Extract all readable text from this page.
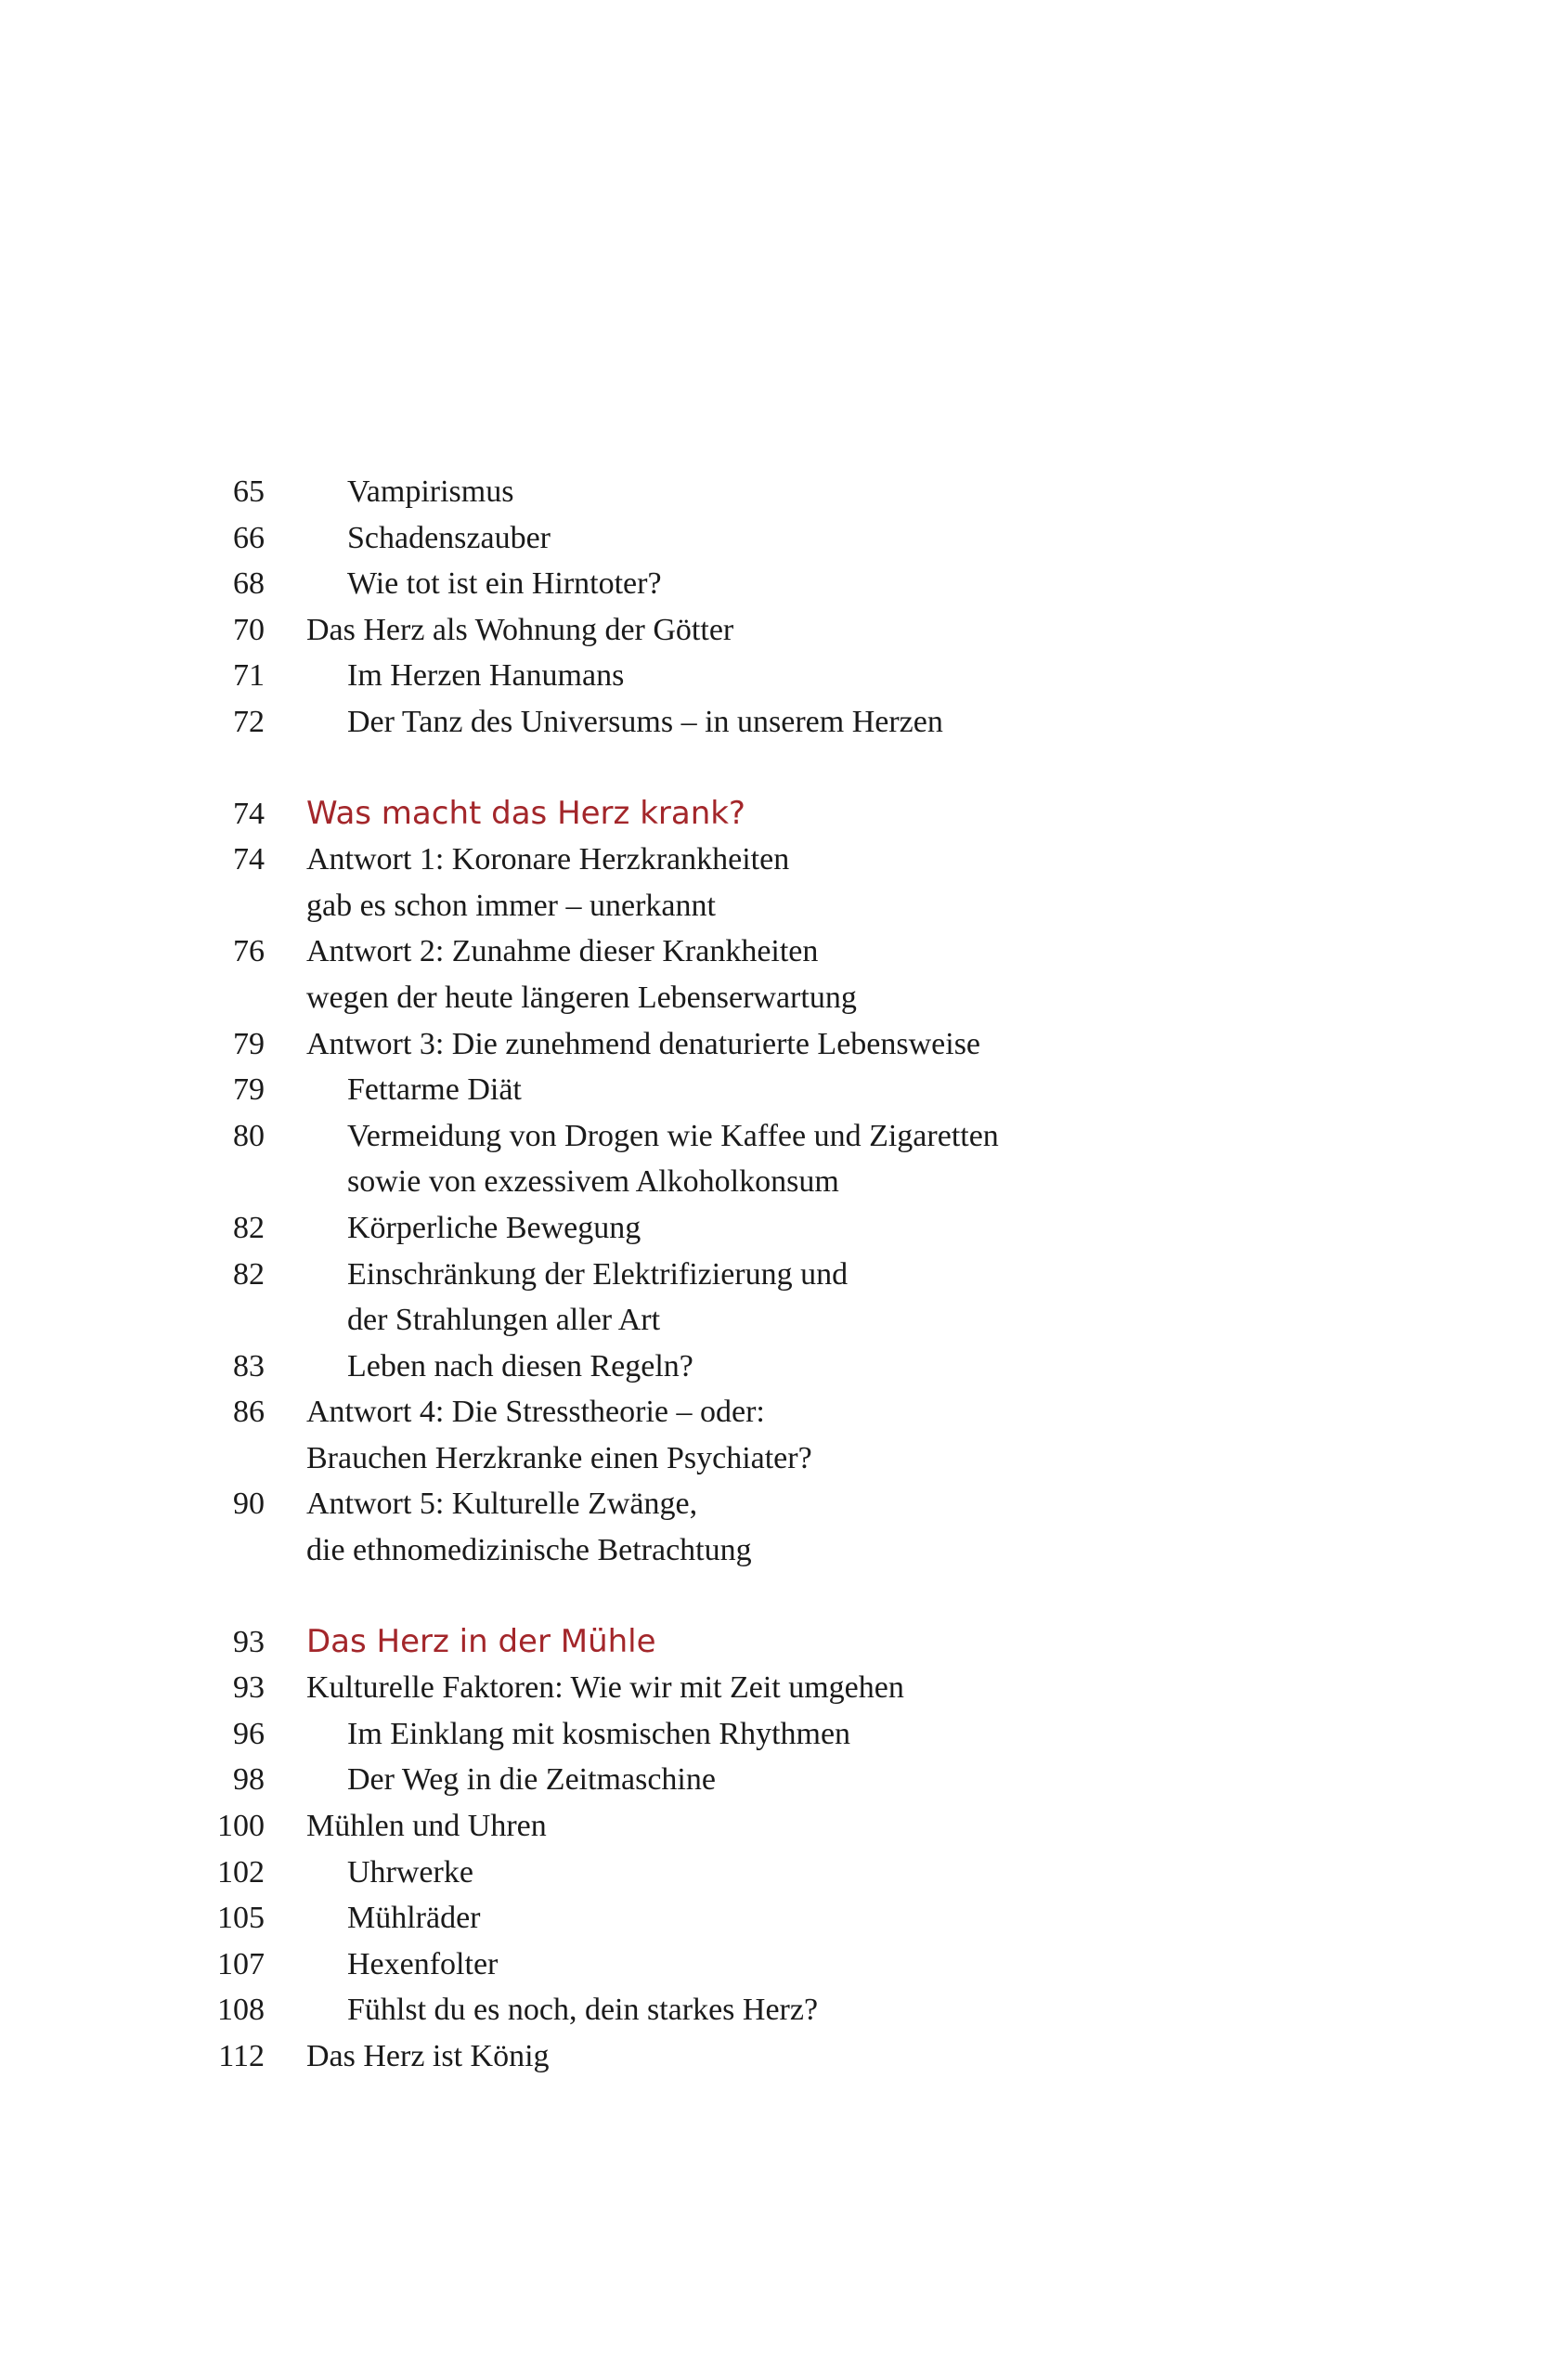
65	Vampirismus
66	Schadenszauber
68	Wie tot ist ein Hirntoter?
70 Das Herz als Wohnung der Götter
71	Im Herzen Hanumans
72	Der Tanz des Universums – in unserem Herzen
74 Was macht das Herz krank?
74 Antwort 1: Koronare Herzkrankheiten
gab es schon immer – unerkannt
76 Antwort 2: Zunahme dieser Krankheiten
wegen der heute längeren Lebenserwartung
79 Antwort 3: Die zunehmend denaturierte Lebensweise
79	Fettarme Diät
80	Vermeidung von Drogen wie Kaffee und Zigaretten
sowie von exzessivem Alkoholkonsum
82	Körperliche Bewegung
82	Einschränkung der Elektrifizierung und
der Strahlungen aller Art
83	Leben nach diesen Regeln?
86 Antwort 4: Die Stresstheorie – oder:
Brauchen Herzkranke einen Psychiater?
90 Antwort 5: Kulturelle Zwänge,
die ethnomedizinische Betrachtung
93 Das Herz in der Mühle
93 Kulturelle Faktoren: Wie wir mit Zeit umgehen
96	Im Einklang mit kosmischen Rhythmen
98	Der Weg in die Zeitmaschine
100 Mühlen und Uhren
102	Uhrwerke
105	Mühlräder
107	Hexenfolter
108	Fühlst du es noch, dein starkes Herz?
112 Das Herz ist König
